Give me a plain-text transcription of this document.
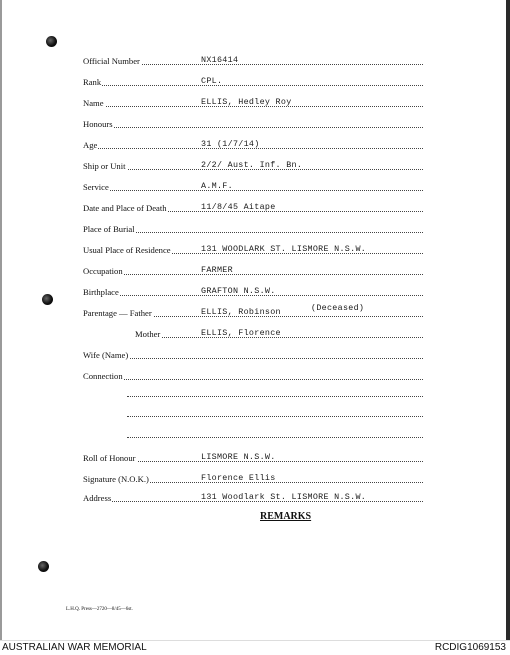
Official Number	NX16414
Rank	CPL.
Name	ELLIS, Hedley Roy
Honours
Age	31 (1/7/14)
Ship or Unit	2/2/ Aust. Inf. Bn.
Service	A.M.F.
Date and Place of Death	11/8/45 Aitape
Place of Burial
Usual Place of Residence	131 WOODLARK ST. LISMORE N.S.W.
Occupation	FARMER
Birthplace	GRAFTON N.S.W.
Parentage — Father	ELLIS, Robinson	(Deceased)
Mother	ELLIS, Florence
Wife (Name)
Connection
Roll of Honour	LISMORE N.S.W.
Signature (N.O.K.)	Florence Ellis
Address	131 Woodlark St. LISMORE N.S.W.
REMARKS
L.H.Q. Press—2720—8/45—6st.
AUSTRALIAN WAR MEMORIAL	RCDIG1069153
